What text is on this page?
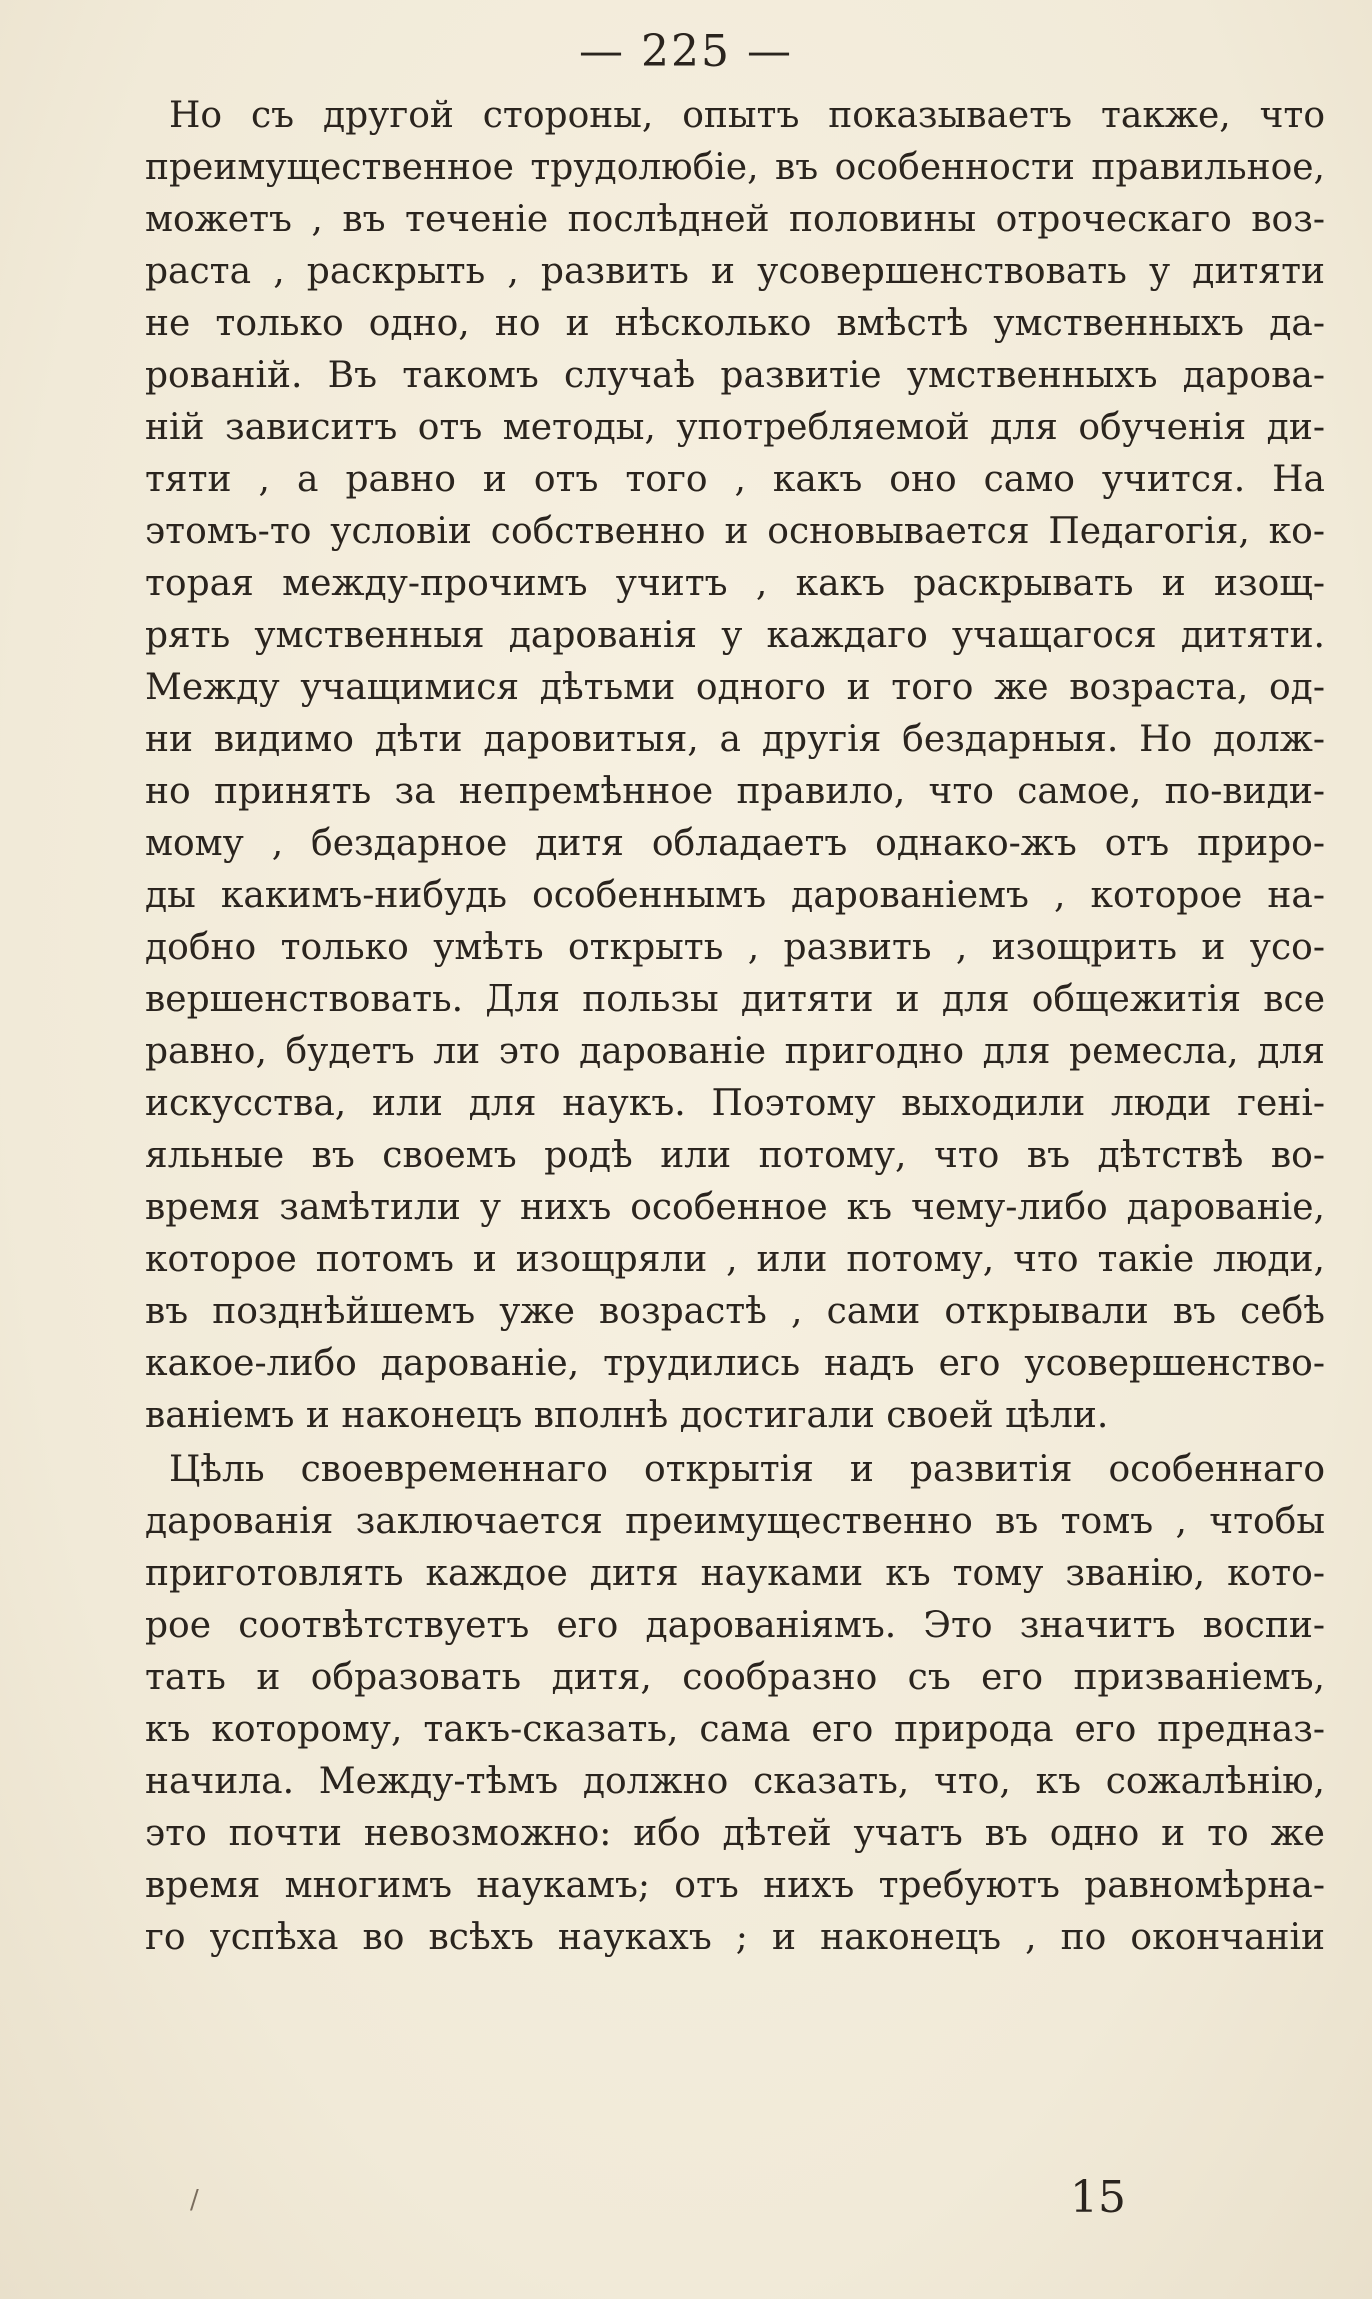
— 225 —
Но съ другой стороны, опытъ показываетъ также, что
преимущественное трудолюбіе, въ особенности правильное,
можетъ , въ теченіе послѣдней половины отроческаго воз-
раста , раскрыть , развить и усовершенствовать у дитяти
не только одно, но и нѣсколько вмѣстѣ умственныхъ да-
рованій. Въ такомъ случаѣ развитіе умственныхъ дарова-
ній зависитъ отъ методы, употребляемой для обученія ди-
тяти , а равно и отъ того , какъ оно само учится. На
этомъ-то условіи собственно и основывается Педагогія, ко-
торая между-прочимъ учитъ , какъ раскрывать и изощ-
рять умственныя дарованія у каждаго учащагося дитяти.
Между учащимися дѣтьми одного и того же возраста, од-
ни видимо дѣти даровитыя, а другія бездарныя. Но долж-
но принять за непремѣнное правило, что самое, по-види-
мому , бездарное дитя обладаетъ однако-жъ отъ приро-
ды какимъ-нибудь особеннымъ дарованіемъ , которое на-
добно только умѣть открыть , развить , изощрить и усо-
вершенствовать. Для пользы дитяти и для общежитія все
равно, будетъ ли это дарованіе пригодно для ремесла, для
искусства, или для наукъ. Поэтому выходили люди гені-
яльные въ своемъ родѣ или потому, что въ дѣтствѣ во-
время замѣтили у нихъ особенное къ чему-либо дарованіе,
которое потомъ и изощряли , или потому, что такіе люди,
въ позднѣйшемъ уже возрастѣ , сами открывали въ себѣ
какое-либо дарованіе, трудились надъ его усовершенство-
ваніемъ и наконецъ вполнѣ достигали своей цѣли.
Цѣль своевременнаго открытія и развитія особеннаго
дарованія заключается преимущественно въ томъ , чтобы
приготовлять каждое дитя науками къ тому званію, кото-
рое соотвѣтствуетъ его дарованіямъ. Это значитъ воспи-
тать и образовать дитя, сообразно съ его призваніемъ,
къ которому, такъ-сказать, сама его природа его предназ-
начила. Между-тѣмъ должно сказать, что, къ сожалѣнію,
это почти невозможно: ибо дѣтей учатъ въ одно и то же
время многимъ наукамъ; отъ нихъ требуютъ равномѣрна-
го успѣха во всѣхъ наукахъ ; и наконецъ , по окончаніи
/	15
